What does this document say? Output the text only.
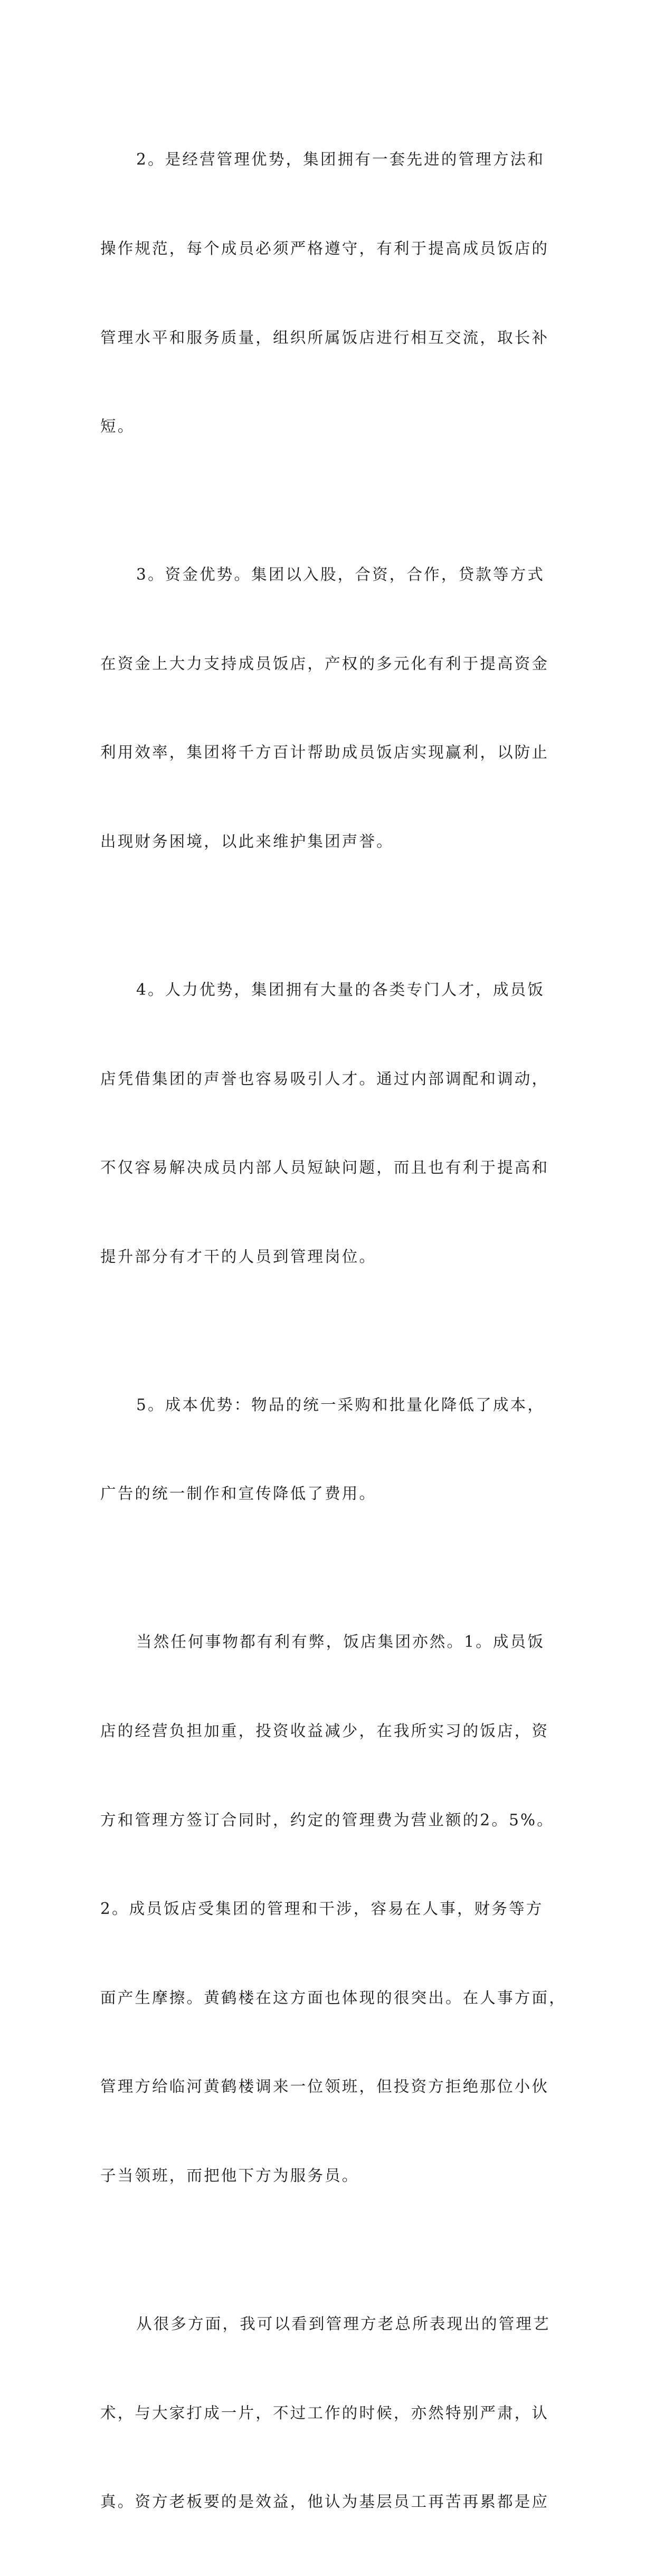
2。是经营管理优势，集团拥有一套先进的管理方法和

操作规范，每个成员必须严格遵守，有利于提高成员饭店的

管理水平和服务质量，组织所属饭店进行相互交流，取长补

短。

3。资金优势。集团以入股，合资，合作，贷款等方式

在资金上大力支持成员饭店，产权的多元化有利于提高资金

利用效率，集团将千方百计帮助成员饭店实现赢利，以防止

出现财务困境，以此来维护集团声誉。

4。人力优势，集团拥有大量的各类专门人才，成员饭

店凭借集团的声誉也容易吸引人才。通过内部调配和调动，

不仅容易解决成员内部人员短缺问题，而且也有利于提高和

提升部分有才干的人员到管理岗位。

5。成本优势：物品的统一采购和批量化降低了成本，

广告的统一制作和宣传降低了费用。

当然任何事物都有利有弊，饭店集团亦然。1。成员饭

店的经营负担加重，投资收益减少，在我所实习的饭店，资

方和管理方签订合同时，约定的管理费为营业额的2。5%。

2。成员饭店受集团的管理和干涉，容易在人事，财务等方

面产生摩擦。黄鹤楼在这方面也体现的很突出。在人事方面，

管理方给临河黄鹤楼调来一位领班，但投资方拒绝那位小伙

子当领班，而把他下方为服务员。

从很多方面，我可以看到管理方老总所表现出的管理艺

术，与大家打成一片，不过工作的时候，亦然特别严肃，认

真。资方老板要的是效益，他认为基层员工再苦再累都是应
